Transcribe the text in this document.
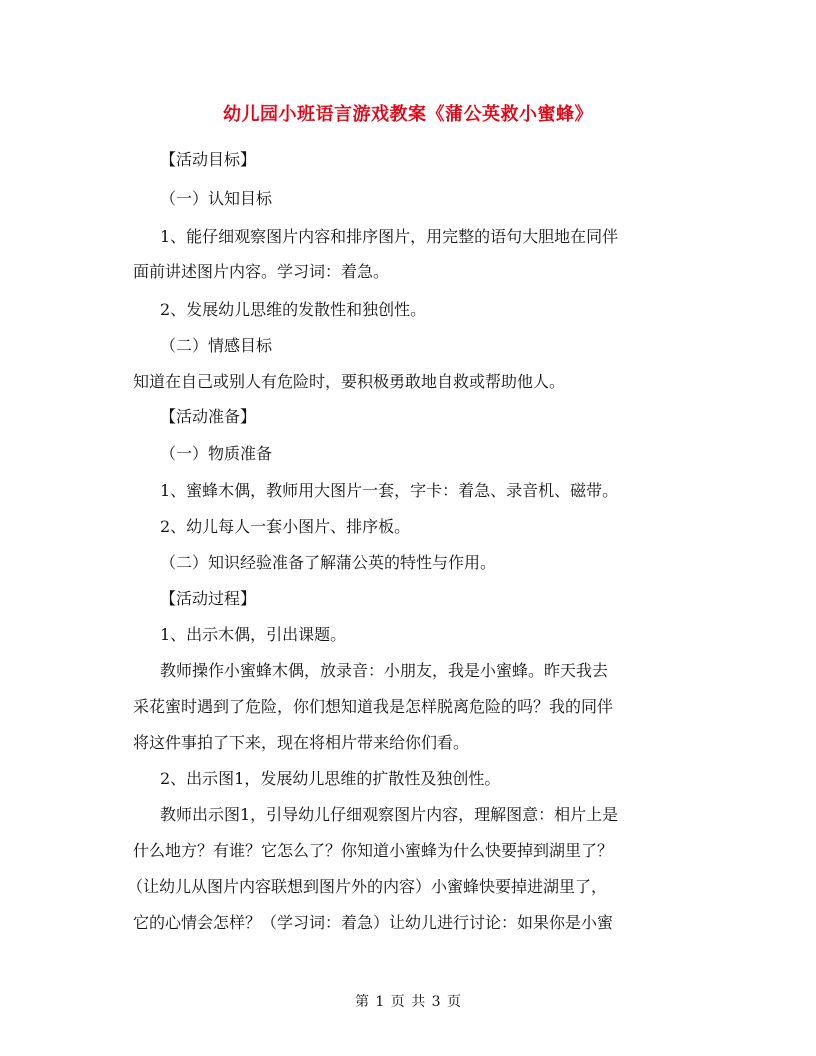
幼儿园小班语言游戏教案《蒲公英救小蜜蜂》
【活动目标】
（一）认知目标
1、能仔细观察图片内容和排序图片，用完整的语句大胆地在同伴
面前讲述图片内容。学习词：着急。
2、发展幼儿思维的发散性和独创性。
（二）情感目标
知道在自己或别人有危险时，要积极勇敢地自救或帮助他人。
【活动准备】
（一）物质准备
1、蜜蜂木偶，教师用大图片一套，字卡：着急、录音机、磁带。
2、幼儿每人一套小图片、排序板。
（二）知识经验准备了解蒲公英的特性与作用。
【活动过程】
1、出示木偶，引出课题。
教师操作小蜜蜂木偶，放录音：小朋友，我是小蜜蜂。昨天我去
采花蜜时遇到了危险，你们想知道我是怎样脱离危险的吗？我的同伴
将这件事拍了下来，现在将相片带来给你们看。
2、出示图1，发展幼儿思维的扩散性及独创性。
教师出示图1，引导幼儿仔细观察图片内容，理解图意：相片上是
什么地方？有谁？它怎么了？你知道小蜜蜂为什么快要掉到湖里了？
（让幼儿从图片内容联想到图片外的内容）小蜜蜂快要掉进湖里了，
它的心情会怎样？（学习词：着急）让幼儿进行讨论：如果你是小蜜
第 1 页 共 3 页
